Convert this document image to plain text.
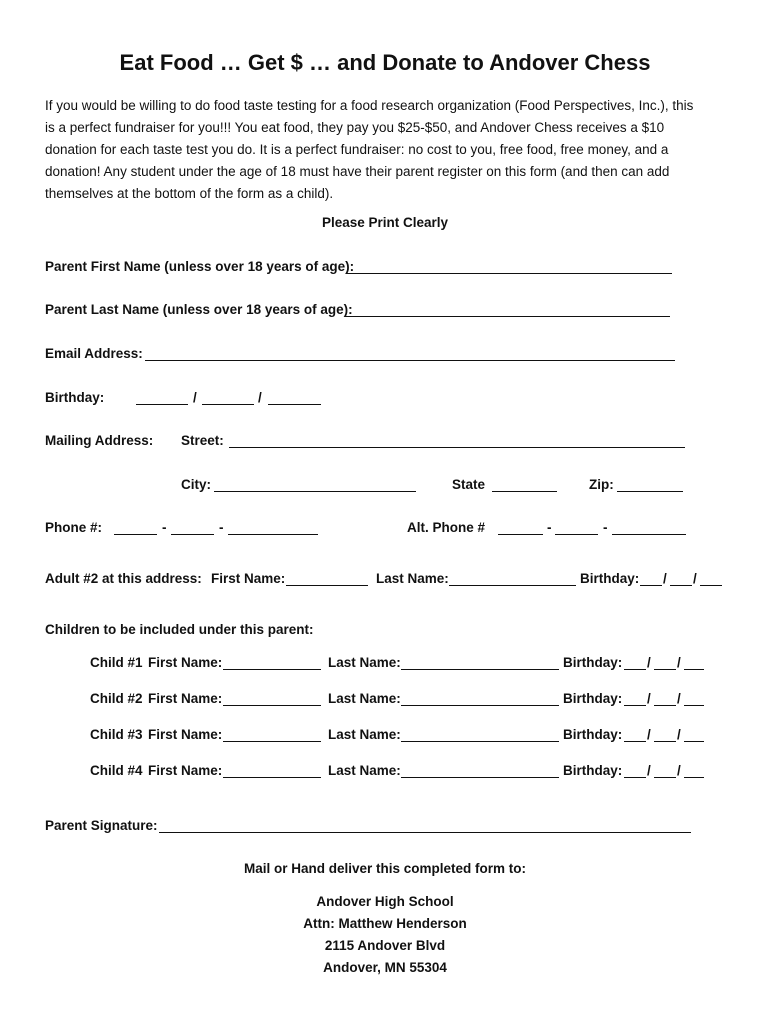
Eat Food … Get $ … and Donate to Andover Chess

If you would be willing to do food taste testing for a food research organization (Food Perspectives, Inc.), this

is a perfect fundraiser for you!!! You eat food, they pay you $25-$50, and Andover Chess receives a $10

donation for each taste test you do. It is a perfect fundraiser: no cost to you, free food, free money, and a

donation! Any student under the age of 18 must have their parent register on this form (and then can add

themselves at the bottom of the form as a child).

Please Print Clearly
Parent First Name (unless over 18 years of age):
Parent Last Name (unless over 18 years of age):
Email Address:
Birthday:	/	/
Mailing Address: Street:
City:	State	Zip:
Phone #:	-	-	Alt. Phone #	-	-
Adult #2 at this address: First Name:	Last Name:	Birthday: / /
Children to be included under this parent:
Child #1 First Name:	Last Name:	Birthday: / /
Child #2 First Name:	Last Name:	Birthday: / /
Child #3 First Name:	Last Name:	Birthday: / /
Child #4 First Name:	Last Name:	Birthday: / /
Parent Signature:
Mail or Hand deliver this completed form to:
Andover High School
Attn: Matthew Henderson
2115 Andover Blvd
Andover, MN 55304
